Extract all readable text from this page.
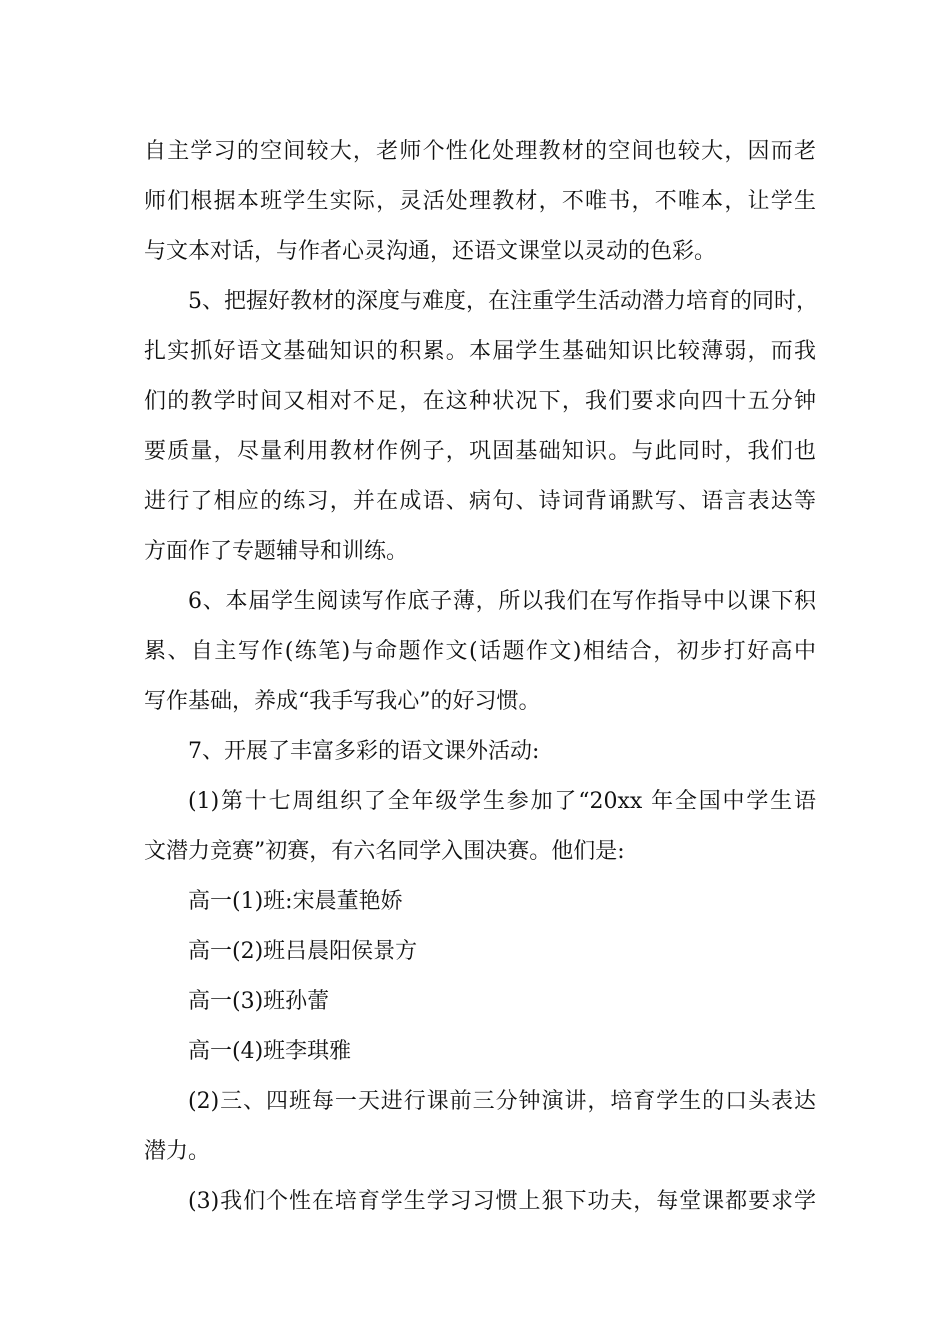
自主学习的空间较大，老师个性化处理教材的空间也较大，因而老
师们根据本班学生实际，灵活处理教材，不唯书，不唯本，让学生
与文本对话，与作者心灵沟通，还语文课堂以灵动的色彩。
5、把握好教材的深度与难度，在注重学生活动潜力培育的同时，
扎实抓好语文基础知识的积累。本届学生基础知识比较薄弱，而我
们的教学时间又相对不足，在这种状况下，我们要求向四十五分钟
要质量，尽量利用教材作例子，巩固基础知识。与此同时，我们也
进行了相应的练习，并在成语、病句、诗词背诵默写、语言表达等
方面作了专题辅导和训练。
6、本届学生阅读写作底子薄，所以我们在写作指导中以课下积
累、自主写作(练笔)与命题作文(话题作文)相结合，初步打好高中
写作基础，养成“我手写我心”的好习惯。
7、开展了丰富多彩的语文课外活动:
(1)第十七周组织了全年级学生参加了“20xx 年全国中学生语
文潜力竞赛”初赛，有六名同学入围决赛。他们是:
高一(1)班:宋晨董艳娇
高一(2)班吕晨阳侯景方
高一(3)班孙蕾
高一(4)班李琪雅
(2)三、四班每一天进行课前三分钟演讲，培育学生的口头表达
潜力。
(3)我们个性在培育学生学习习惯上狠下功夫，每堂课都要求学
